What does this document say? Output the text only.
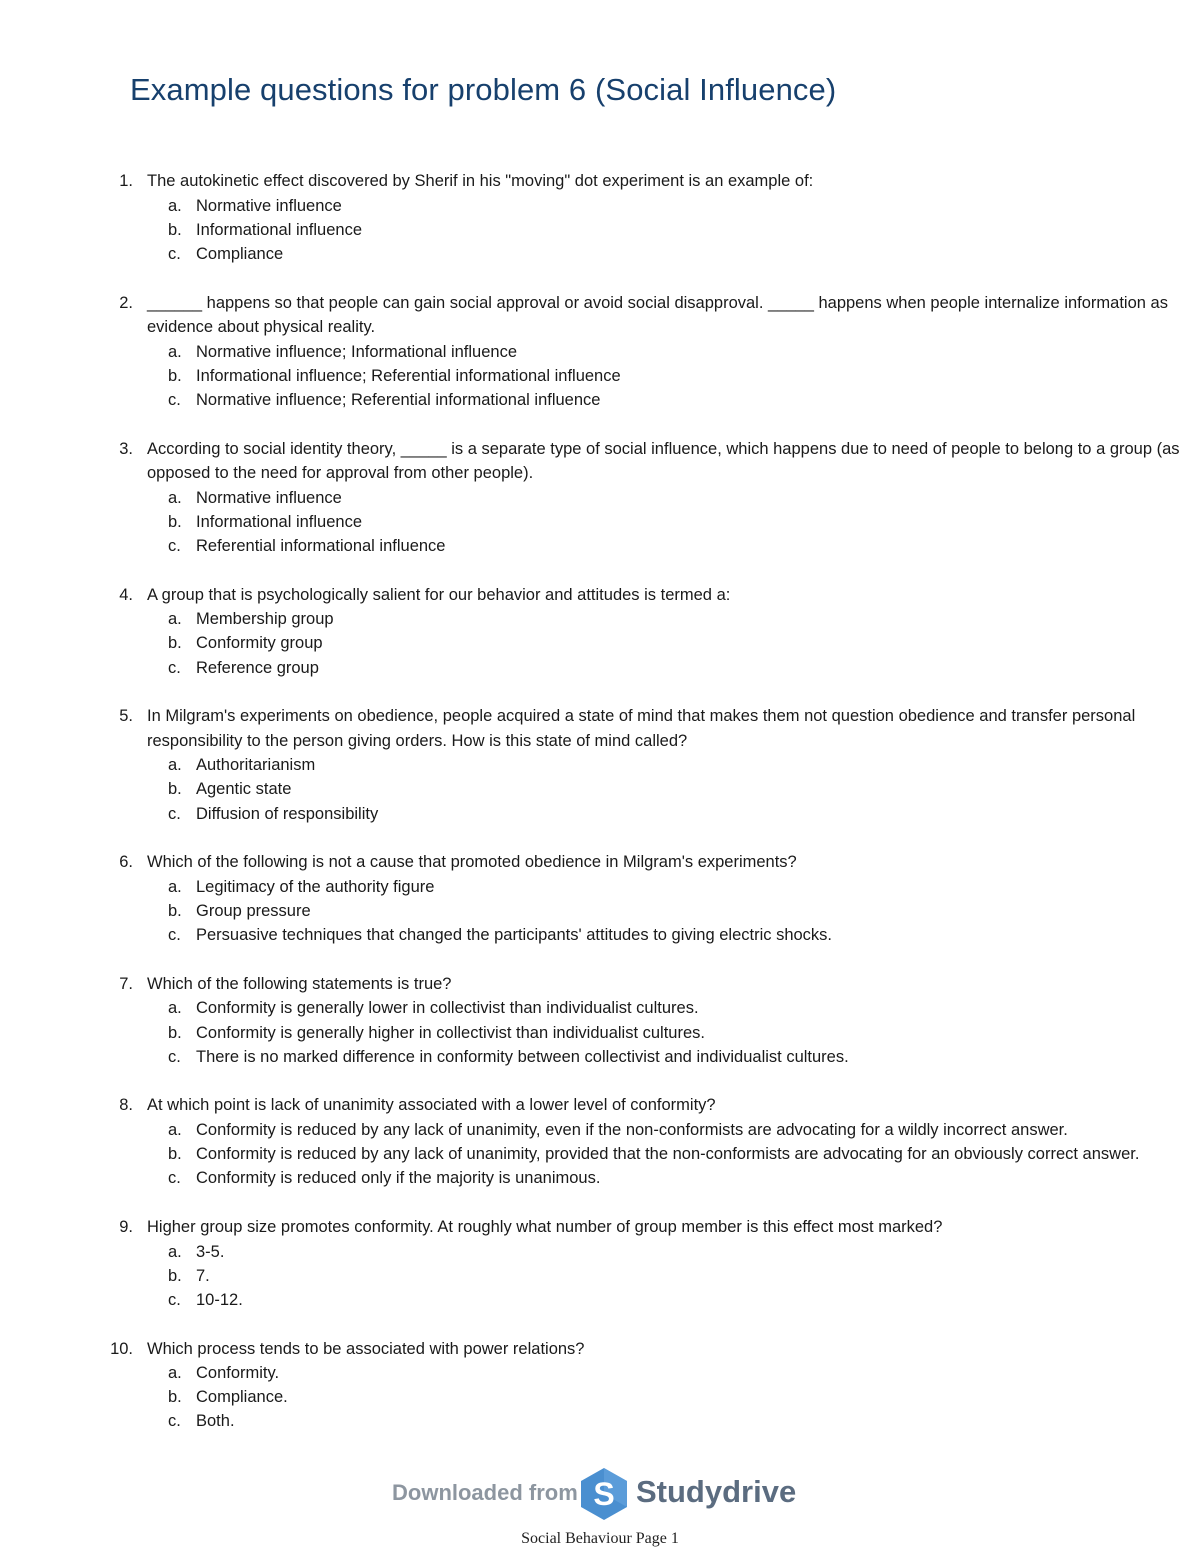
Example questions for problem 6 (Social Influence)
1. The autokinetic effect discovered by Sherif in his "moving" dot experiment is an example of:
a. Normative influence
b. Informational influence
c. Compliance
2. ______ happens so that people can gain social approval or avoid social disapproval. _____ happens when people internalize information as evidence about physical reality.
a. Normative influence; Informational influence
b. Informational influence; Referential informational influence
c. Normative influence; Referential informational influence
3. According to social identity theory, _____ is a separate type of social influence, which happens due to need of people to belong to a group (as opposed to the need for approval from other people).
a. Normative influence
b. Informational influence
c. Referential informational influence
4. A group that is psychologically salient for our behavior and attitudes is termed a:
a. Membership group
b. Conformity group
c. Reference group
5. In Milgram's experiments on obedience, people acquired a state of mind that makes them not question obedience and transfer personal responsibility to the person giving orders. How is this state of mind called?
a. Authoritarianism
b. Agentic state
c. Diffusion of responsibility
6. Which of the following is not a cause that promoted obedience in Milgram's experiments?
a. Legitimacy of the authority figure
b. Group pressure
c. Persuasive techniques that changed the participants' attitudes to giving electric shocks.
7. Which of the following statements is true?
a. Conformity is generally lower in collectivist than individualist cultures.
b. Conformity is generally higher in collectivist than individualist cultures.
c. There is no marked difference in conformity between collectivist and individualist cultures.
8. At which point is lack of unanimity associated with a lower level of conformity?
a. Conformity is reduced by any lack of unanimity, even if the non-conformists are advocating for a wildly incorrect answer.
b. Conformity is reduced by any lack of unanimity, provided that the non-conformists are advocating for an obviously correct answer.
c. Conformity is reduced only if the majority is unanimous.
9. Higher group size promotes conformity. At roughly what number of group member is this effect most marked?
a. 3-5.
b. 7.
c. 10-12.
10. Which process tends to be associated with power relations?
a. Conformity.
b. Compliance.
c. Both.
Downloaded from S Studydrive
Social Behaviour Page 1
